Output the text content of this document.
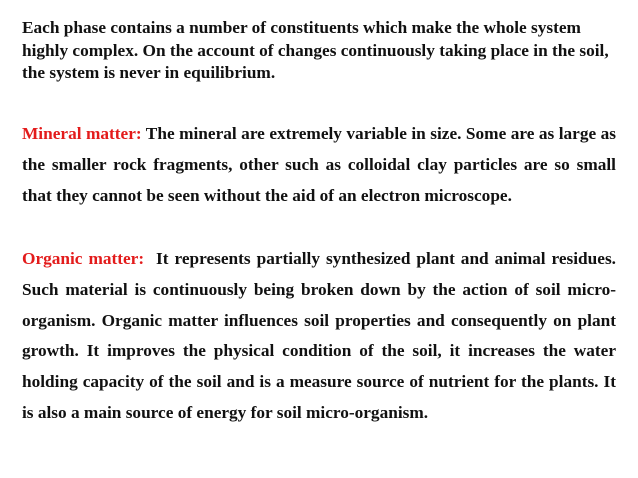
Each phase contains a number of constituents which make the whole system highly complex. On the account of changes continuously taking place in the soil, the system is never in equilibrium.

Mineral matter: The mineral are extremely variable in size. Some are as large as the smaller rock fragments, other such as colloidal clay particles are so small that they cannot be seen without the aid of an electron microscope.

Organic matter:  It represents partially synthesized plant and animal residues. Such material is continuously being broken down by the action of soil micro- organism. Organic matter influences soil properties and consequently on plant growth. It improves the physical condition of the soil, it increases the water holding capacity of the soil and is a measure source of nutrient for the plants. It is also a main source of energy for soil micro-organism.
